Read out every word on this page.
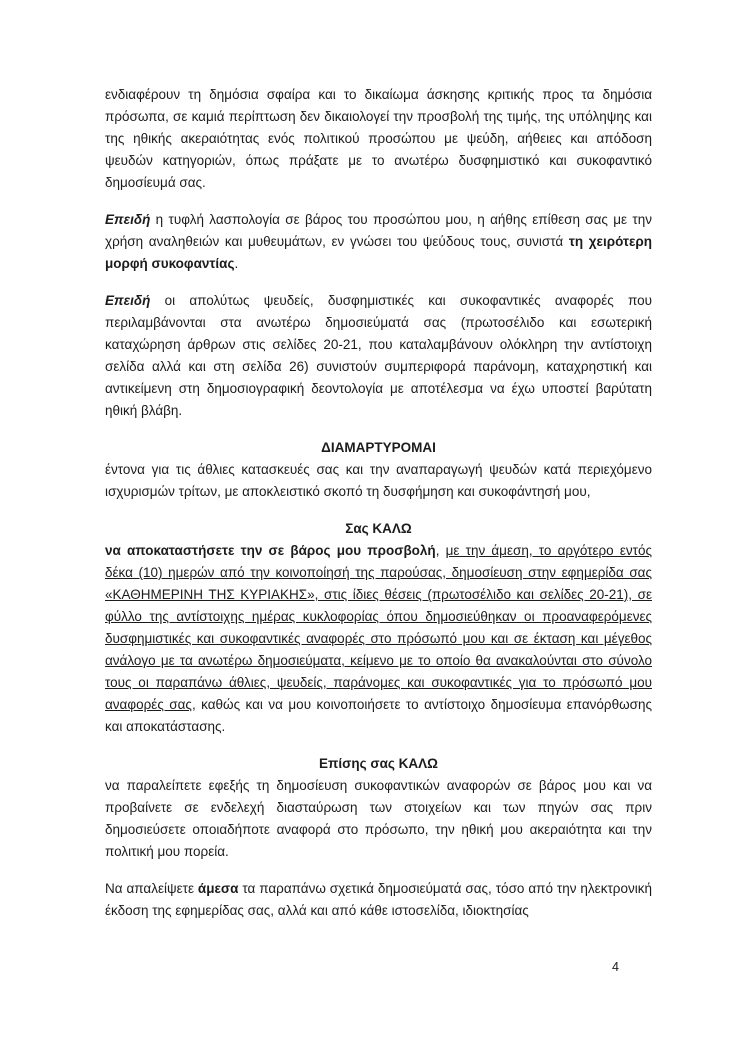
ενδιαφέρουν τη δημόσια σφαίρα και το δικαίωμα άσκησης κριτικής προς τα δημόσια πρόσωπα, σε καμιά περίπτωση δεν δικαιολογεί την προσβολή της τιμής, της υπόληψης και της ηθικής ακεραιότητας ενός πολιτικού προσώπου με ψεύδη, αήθειες και απόδοση ψευδών κατηγοριών, όπως πράξατε με το ανωτέρω δυσφημιστικό και συκοφαντικό δημοσίευμά σας.

Επειδή η τυφλή λασπολογία σε βάρος του προσώπου μου, η αήθης επίθεση σας με την χρήση αναληθειών και μυθευμάτων, εν γνώσει του ψεύδους τους, συνιστά τη χειρότερη μορφή συκοφαντίας.

Επειδή οι απολύτως ψευδείς, δυσφημιστικές και συκοφαντικές αναφορές που περιλαμβάνονται στα ανωτέρω δημοσιεύματά σας (πρωτοσέλιδο και εσωτερική καταχώρηση άρθρων στις σελίδες 20-21, που καταλαμβάνουν ολόκληρη την αντίστοιχη σελίδα αλλά και στη σελίδα 26) συνιστούν συμπεριφορά παράνομη, καταχρηστική και αντικείμενη στη δημοσιογραφική δεοντολογία με αποτέλεσμα να έχω υποστεί βαρύτατη ηθική βλάβη.

ΔΙΑΜΑΡΤΥΡΟΜΑΙ

έντονα για τις άθλιες κατασκευές σας και την αναπαραγωγή ψευδών κατά περιεχόμενο ισχυρισμών τρίτων, με αποκλειστικό σκοπό τη δυσφήμηση και συκοφάντησή μου,

Σας ΚΑΛΩ

να αποκαταστήσετε την σε βάρος μου προσβολή, με την άμεση, το αργότερο εντός δέκα (10) ημερών από την κοινοποίησή της παρούσας, δημοσίευση στην εφημερίδα σας «ΚΑΘΗΜΕΡΙΝΗ ΤΗΣ ΚΥΡΙΑΚΗΣ», στις ίδιες θέσεις (πρωτοσέλιδο και σελίδες 20-21), σε φύλλο της αντίστοιχης ημέρας κυκλοφορίας όπου δημοσιεύθηκαν οι προαναφερόμενες δυσφημιστικές και συκοφαντικές αναφορές στο πρόσωπό μου και σε έκταση και μέγεθος ανάλογο με τα ανωτέρω δημοσιεύματα, κείμενο με το οποίο θα ανακαλούνται στο σύνολο τους οι παραπάνω άθλιες, ψευδείς, παράνομες και συκοφαντικές για το πρόσωπό μου αναφορές σας, καθώς και να μου κοινοποιήσετε το αντίστοιχο δημοσίευμα επανόρθωσης και αποκατάστασης.

Επίσης σας ΚΑΛΩ

να παραλείπετε εφεξής τη δημοσίευση συκοφαντικών αναφορών σε βάρος μου και να προβαίνετε σε ενδελεχή διασταύρωση των στοιχείων και των πηγών σας πριν δημοσιεύσετε οποιαδήποτε αναφορά στο πρόσωπο, την ηθική μου ακεραιότητα και την πολιτική μου πορεία.

Να απαλείψετε άμεσα τα παραπάνω σχετικά δημοσιεύματά σας, τόσο από την ηλεκτρονική έκδοση της εφημερίδας σας, αλλά και από κάθε ιστοσελίδα, ιδιοκτησίας

4
